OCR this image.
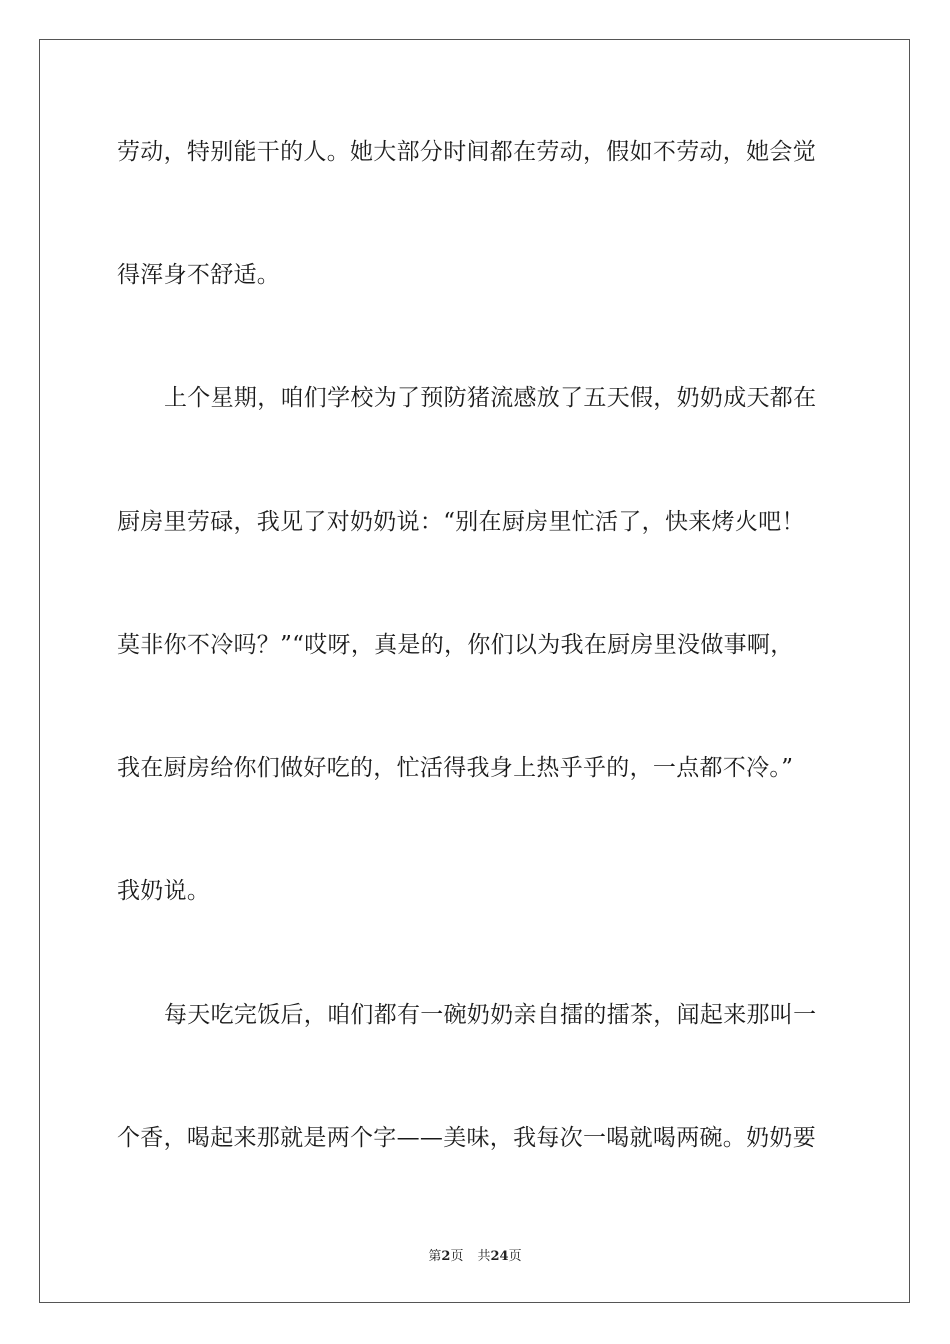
劳动，特别能干的人。她大部分时间都在劳动，假如不劳动，她会觉
得浑身不舒适。
上个星期，咱们学校为了预防猪流感放了五天假，奶奶成天都在
厨房里劳碌，我见了对奶奶说：“别在厨房里忙活了，快来烤火吧！
莫非你不冷吗？”“哎呀，真是的，你们以为我在厨房里没做事啊，
我在厨房给你们做好吃的，忙活得我身上热乎乎的，一点都不冷。”
我奶说。
每天吃完饭后，咱们都有一碗奶奶亲自擂的擂茶，闻起来那叫一
个香，喝起来那就是两个字——美味，我每次一喝就喝两碗。奶奶要
第2页 共24页
